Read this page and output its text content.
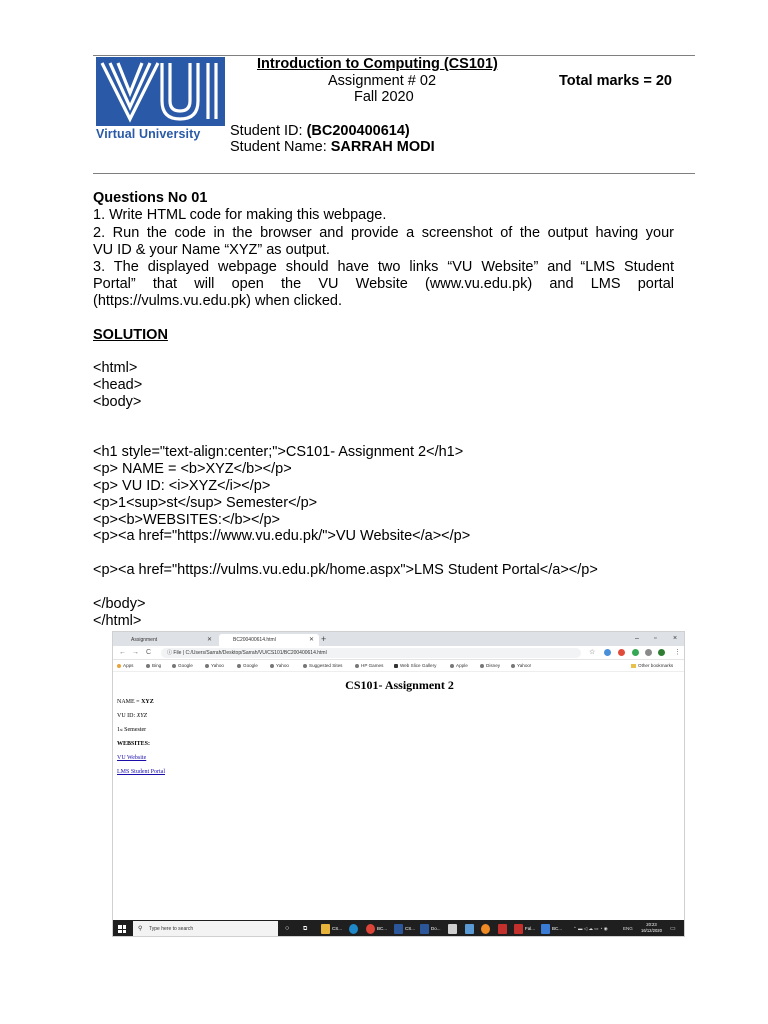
Virtual University
Introduction to Computing (CS101)
Assignment # 02
Fall 2020
Total marks = 20
Student ID: (BC200400614)
Student Name: SARRAH MODI
Questions No 01
1. Write HTML code for making this webpage.
2. Run the code in the browser and provide a screenshot of the output having your
VU ID & your Name “XYZ” as output.
3. The displayed webpage should have two links “VU Website” and “LMS Student
Portal” that will open the VU Website (www.vu.edu.pk) and LMS portal
(https://vulms.vu.edu.pk) when clicked.
SOLUTION
<html>
<head>
<body>
<h1 style="text-align:center;">CS101- Assignment 2</h1>
<p> NAME = <b>XYZ</b></p>
<p> VU ID: <i>XYZ</i></p>
<p>1<sup>st</sup> Semester</p>
<p><b>WEBSITES:</b></p>
<p><a href="https://www.vu.edu.pk/">VU Website</a></p>
<p><a href="https://vulms.vu.edu.pk/home.aspx">LMS Student Portal</a></p>
</body>
</html>
Assignment	✕	BC200400614.html	✕ +	– ▫ ×
← → C	ⓘ File | C:/Users/Sarrah/Desktop/Sarrah/VU/CS101/BC200400614.html	☆	⋮
Apps	Bing	Google	Yahoo	Google	Yahoo	Suggested Sites	HP Games	Web Slice Gallery	Apple	Disney	Yahoo!	Other bookmarks
CS101- Assignment 2
NAME = XYZ
VU ID: XYZ
1st Semester
WEBSITES:
VU Website
LMS Student Portal
⚲ Type here to search	○ ⧉	CS...	BC...	CS...	Do...	Fal...	BC... ⌃ ▬ ◁ ☁ ▭ ◔ ◉	ENG
20:23
16/12/2020 ▭
